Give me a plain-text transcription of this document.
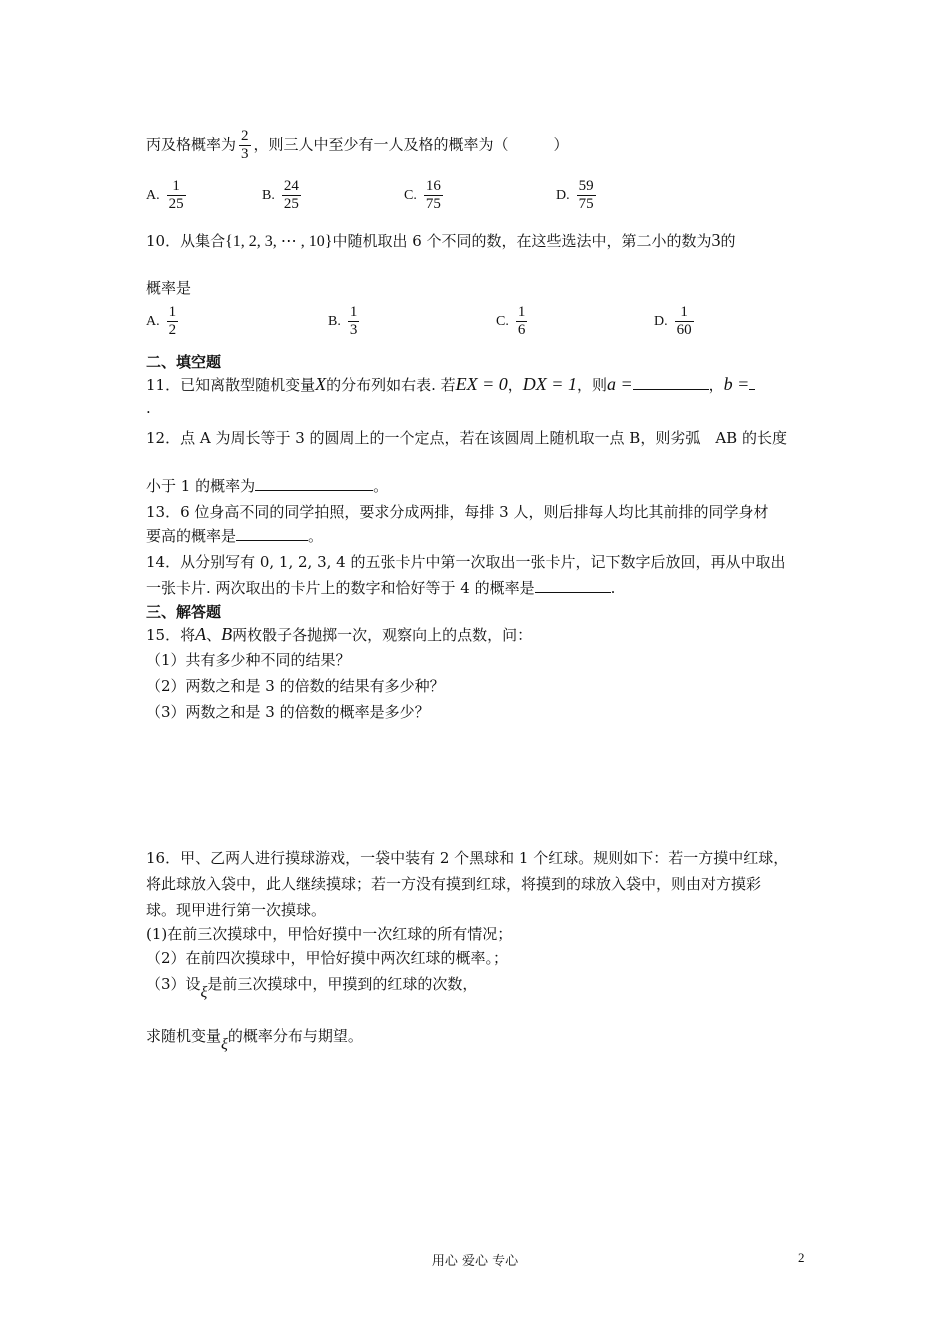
丙及格概率为 $\frac{2}{3}$ ，则三人中至少有一人及格的概率为（　　　）
A. $\frac{1}{25}$	B. $\frac{24}{25}$	C. $\frac{16}{75}$	D. $\frac{59}{75}$
10．从集合{1, 2, 3, ⋯ , 10}中随机取出 6 个不同的数，在这些选法中，第二小的数为3的
概率是
A. $\frac{1}{2}$	B. $\frac{1}{3}$	C. $\frac{1}{6}$	D. $\frac{1}{60}$
二、填空题
11．已知离散型随机变量X的分布列如右表. 若EX = 0，DX = 1，则a =	，b =
.
12．点 A 为周长等于 3 的圆周上的一个定点，若在该圆周上随机取一点 B，则劣弧　AB 的长度
小于 1 的概率为	。
13．6 位身高不同的同学拍照，要求分成两排，每排 3 人，则后排每人均比其前排的同学身材
要高的概率是	。
14．从分别写有 0, 1, 2, 3, 4 的五张卡片中第一次取出一张卡片，记下数字后放回，再从中取出
一张卡片. 两次取出的卡片上的数字和恰好等于 4 的概率是	.
三、解答题
15．将A、B两枚骰子各抛掷一次，观察向上的点数，问：
（1）共有多少种不同的结果？
（2）两数之和是 3 的倍数的结果有多少种？
（3）两数之和是 3 的倍数的概率是多少？
16．甲、乙两人进行摸球游戏，一袋中装有 2 个黑球和 1 个红球。规则如下：若一方摸中红球，
将此球放入袋中，此人继续摸球；若一方没有摸到红球，将摸到的球放入袋中，则由对方摸彩
球。现甲进行第一次摸球。
(1)在前三次摸球中，甲恰好摸中一次红球的所有情况；
（2）在前四次摸球中，甲恰好摸中两次红球的概率。；
（3）设ξ是前三次摸球中，甲摸到的红球的次数，
求随机变量ξ的概率分布与期望。
用心 爱心 专心	2
